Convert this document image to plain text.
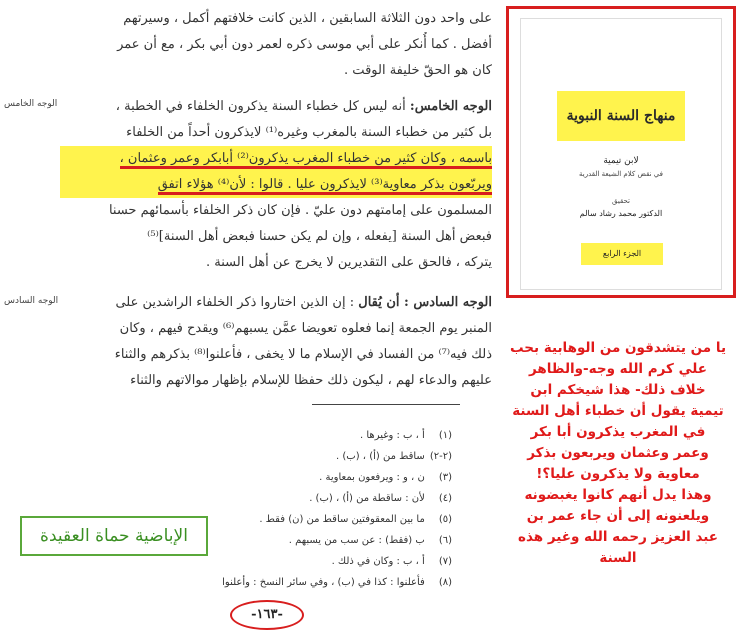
على واحد دون الثلاثة السابقين ، الذين كانت خلافتهم أكمل ، وسيرتهم
أفضل . كما أُنكر على أبي موسى ذكره لعمر دون أبي بكر ، مع أن عمر
كان هو الحقّ خليفة الوقت .
الوجه الخامس: أنه ليس كل خطباء السنة يذكرون الخلفاء في الخطبة ،
بل كثير من خطباء السنة بالمغرب وغيره⁽¹⁾ لايذكرون أحداً من الخلفاء
باسمه ، وكان كثير من خطباء المغرب يذكرون⁽²⁾ أبابكر وعمر وعثمان ،
ويربّعون بذكر معاوية⁽³⁾ لايذكرون عليا . قالوا : لأن⁽⁴⁾ هؤلاء اتفق
المسلمون على إمامتهم دون عليّ . فإن كان ذكر الخلفاء بأسمائهم حسنا
فبعض أهل السنة [يفعله ، وإن لم يكن حسنا فبعض أهل السنة]⁽⁵⁾
يتركه ، فالحق على التقديرين لا يخرج عن أهل السنة .
الوجه السادس : أن يُقال : إن الذين اختاروا ذكر الخلفاء الراشدين على
المنبر يوم الجمعة إنما فعلوه تعويضا عمَّن يسبهم⁽⁶⁾ ويقدح فيهم ، وكان
ذلك فيه⁽⁷⁾ من الفساد في الإسلام ما لا يخفى ، فأعلنوا⁽⁸⁾ بذكرهم والثناء
عليهم والدعاء لهم ، ليكون ذلك حفظا للإسلام بإظهار موالاتهم والثناء
الوجه الخامس
الوجه السادس
(١) أ ، ب : وغيرها .
(٢-٢) ساقط من (أ) ، (ب) .
(٣) ن ، و : ويرفعون بمعاوية .
(٤) لأن : ساقطة من (أ) ، (ب) .
(٥) ما بين المعقوفتين ساقط من (ن) فقط .
(٦) ب (فقط) : عن سب من يسبهم .
(٧) أ ، ب : وكان في ذلك .
(٨) فأعلنوا : كذا في (ب) ، وفي سائر النسخ : وأعلنوا
-١٦٣-
منهاج السنة النبوية
لابن تيمية
في نقض كلام الشيعة القدرية
تحقيق
الدكتور محمد رشاد سالم
الجزء الرابع
يا من يتشدقون من الوهابية بحب
علي كرم الله وجه-والظاهر
خلاف ذلك- هذا شيخكم ابن
تيمية يقول أن خطباء أهل السنة
في المغرب يذكرون أبا بكر
وعمر وعثمان ويربعون بذكر
معاوية ولا يذكرون عليا؟!
وهذا يدل أنهم كانوا يغبضونه
ويلعنونه إلى أن جاء عمر بن
عبد العزيز رحمه الله وغير هذه
السنة
الإباضية حماة العقيدة
